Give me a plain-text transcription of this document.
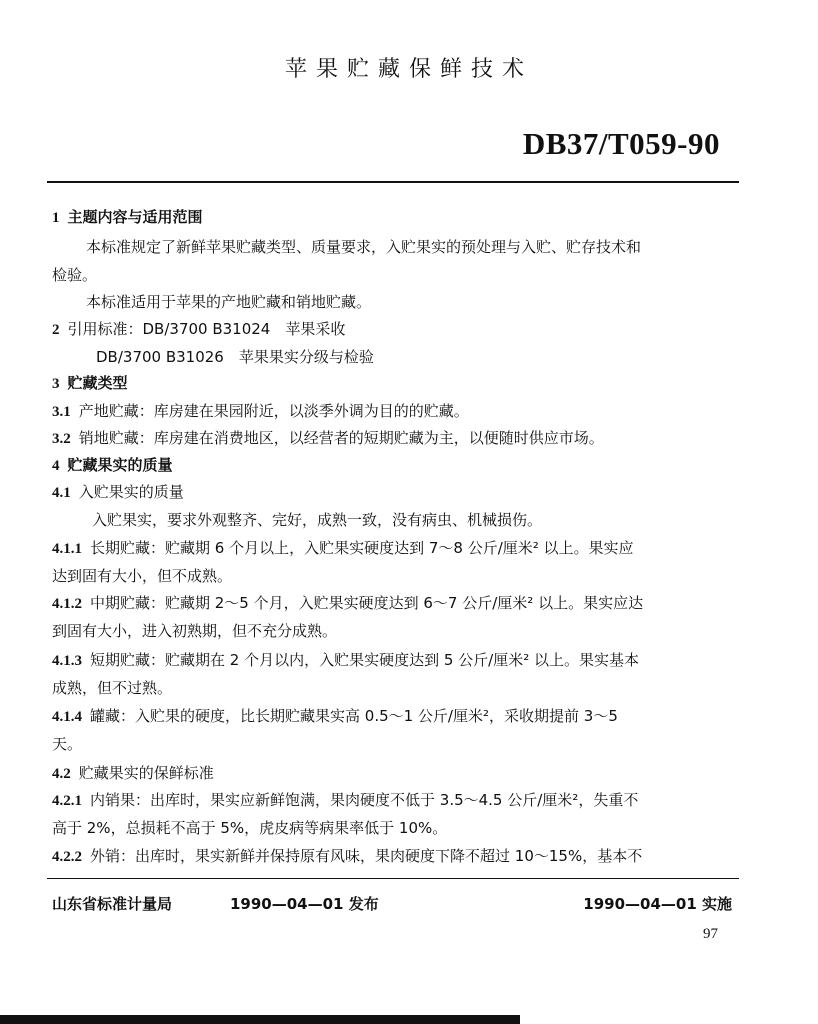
苹果贮藏保鲜技术
DB37/T059-90
1 主题内容与适用范围
本标准规定了新鲜苹果贮藏类型、质量要求，入贮果实的预处理与入贮、贮存技术和
检验。
本标准适用于苹果的产地贮藏和销地贮藏。
2 引用标准：DB/3700 B31024　苹果采收
DB/3700 B31026　苹果果实分级与检验
3 贮藏类型
3.1 产地贮藏：库房建在果园附近，以淡季外调为目的的贮藏。
3.2 销地贮藏：库房建在消费地区，以经营者的短期贮藏为主，以便随时供应市场。
4 贮藏果实的质量
4.1 入贮果实的质量
入贮果实，要求外观整齐、完好，成熟一致，没有病虫、机械损伤。
4.1.1 长期贮藏：贮藏期 6 个月以上，入贮果实硬度达到 7～8 公斤/厘米² 以上。果实应
达到固有大小，但不成熟。
4.1.2 中期贮藏：贮藏期 2～5 个月，入贮果实硬度达到 6～7 公斤/厘米² 以上。果实应达
到固有大小，进入初熟期，但不充分成熟。
4.1.3 短期贮藏：贮藏期在 2 个月以内，入贮果实硬度达到 5 公斤/厘米² 以上。果实基本
成熟，但不过熟。
4.1.4 罐藏：入贮果的硬度，比长期贮藏果实高 0.5～1 公斤/厘米²，采收期提前 3～5
天。
4.2 贮藏果实的保鲜标准
4.2.1 内销果：出库时，果实应新鲜饱满，果肉硬度不低于 3.5～4.5 公斤/厘米²，失重不
高于 2%，总损耗不高于 5%，虎皮病等病果率低于 10%。
4.2.2 外销：出库时，果实新鲜并保持原有风味，果肉硬度下降不超过 10～15%，基本不
山东省标准计量局	1990—04—01 发布	1990—04—01 实施
97
